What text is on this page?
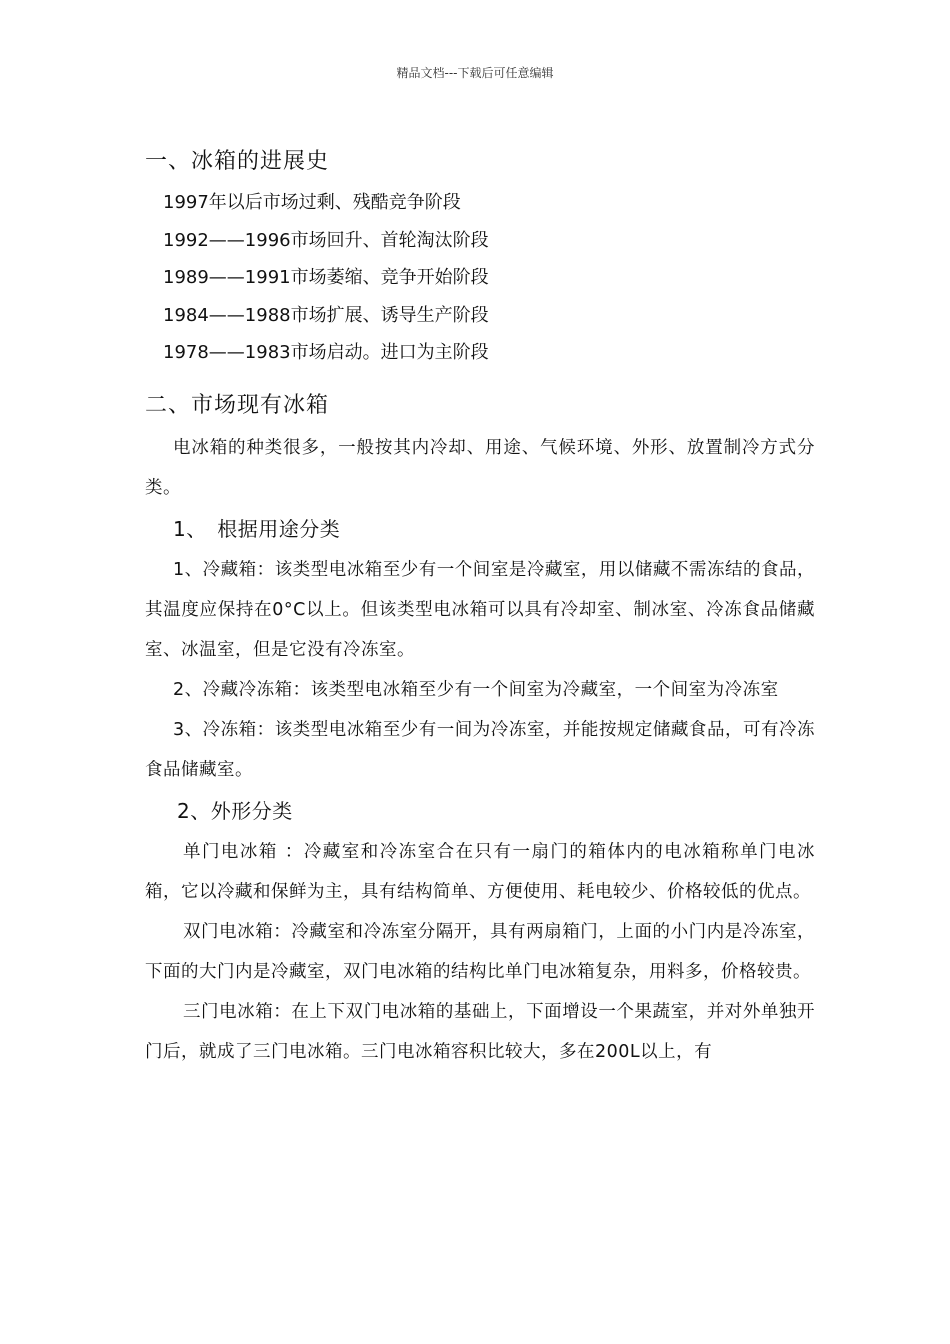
精品文档---下载后可任意编辑
一、冰箱的进展史
1997年以后市场过剩、残酷竞争阶段
1992——1996市场回升、首轮淘汰阶段
1989——1991市场萎缩、竞争开始阶段
1984——1988市场扩展、诱导生产阶段
1978——1983市场启动。进口为主阶段
二、市场现有冰箱

电冰箱的种类很多，一般按其内冷却、用途、气候环境、外形、放置制冷方式分类。

1、　根据用途分类

1、冷藏箱：该类型电冰箱至少有一个间室是冷藏室，用以储藏不需冻结的食品，其温度应保持在0°C以上。但该类型电冰箱可以具有冷却室、制冰室、冷冻食品储藏室、冰温室，但是它没有冷冻室。

2、冷藏冷冻箱：该类型电冰箱至少有一个间室为冷藏室，一个间室为冷冻室

3、冷冻箱：该类型电冰箱至少有一间为冷冻室，并能按规定储藏食品，可有冷冻食品储藏室。

2、外形分类

单门电冰箱 ：冷藏室和冷冻室合在只有一扇门的箱体内的电冰箱称单门电冰箱，它以冷藏和保鲜为主，具有结构简单、方便使用、耗电较少、价格较低的优点。

双门电冰箱：冷藏室和冷冻室分隔开，具有两扇箱门，上面的小门内是冷冻室，下面的大门内是冷藏室，双门电冰箱的结构比单门电冰箱复杂，用料多，价格较贵。

三门电冰箱：在上下双门电冰箱的基础上，下面增设一个果蔬室，并对外单独开门后，就成了三门电冰箱。三门电冰箱容积比较大，多在200L以上，有
